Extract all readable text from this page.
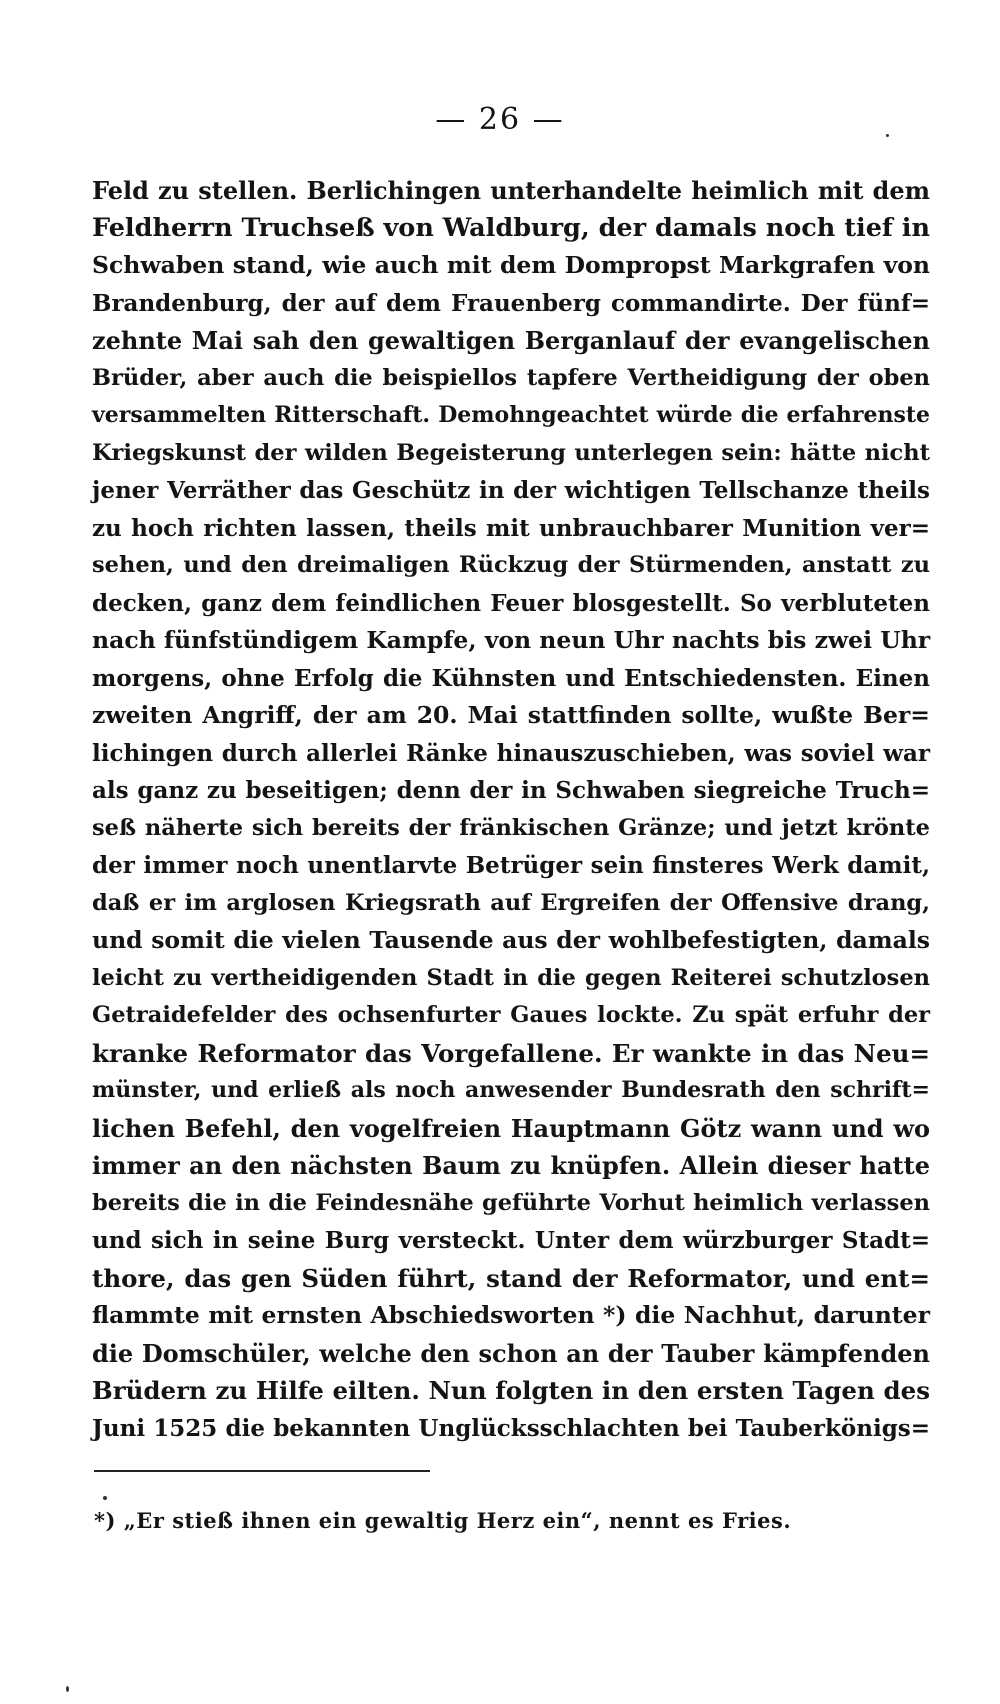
— 26 —
Feld zu stellen. Berlichingen unterhandelte heimlich mit dem
Feldherrn Truchseß von Waldburg, der damals noch tief in
Schwaben stand, wie auch mit dem Dompropst Markgrafen von
Brandenburg, der auf dem Frauenberg commandirte. Der fünf=
zehnte Mai sah den gewaltigen Berganlauf der evangelischen
Brüder, aber auch die beispiellos tapfere Vertheidigung der oben
versammelten Ritterschaft. Demohngeachtet würde die erfahrenste
Kriegskunst der wilden Begeisterung unterlegen sein: hätte nicht
jener Verräther das Geschütz in der wichtigen Tellschanze theils
zu hoch richten lassen, theils mit unbrauchbarer Munition ver=
sehen, und den dreimaligen Rückzug der Stürmenden, anstatt zu
decken, ganz dem feindlichen Feuer blosgestellt. So verbluteten
nach fünfstündigem Kampfe, von neun Uhr nachts bis zwei Uhr
morgens, ohne Erfolg die Kühnsten und Entschiedensten. Einen
zweiten Angriff, der am 20. Mai stattfinden sollte, wußte Ber=
lichingen durch allerlei Ränke hinauszuschieben, was soviel war
als ganz zu beseitigen; denn der in Schwaben siegreiche Truch=
seß näherte sich bereits der fränkischen Gränze; und jetzt krönte
der immer noch unentlarvte Betrüger sein finsteres Werk damit,
daß er im arglosen Kriegsrath auf Ergreifen der Offensive drang,
und somit die vielen Tausende aus der wohlbefestigten, damals
leicht zu vertheidigenden Stadt in die gegen Reiterei schutzlosen
Getraidefelder des ochsenfurter Gaues lockte. Zu spät erfuhr der
kranke Reformator das Vorgefallene. Er wankte in das Neu=
münster, und erließ als noch anwesender Bundesrath den schrift=
lichen Befehl, den vogelfreien Hauptmann Götz wann und wo
immer an den nächsten Baum zu knüpfen. Allein dieser hatte
bereits die in die Feindesnähe geführte Vorhut heimlich verlassen
und sich in seine Burg versteckt. Unter dem würzburger Stadt=
thore, das gen Süden führt, stand der Reformator, und ent=
flammte mit ernsten Abschiedsworten *) die Nachhut, darunter
die Domschüler, welche den schon an der Tauber kämpfenden
Brüdern zu Hilfe eilten. Nun folgten in den ersten Tagen des
Juni 1525 die bekannten Unglücksschlachten bei Tauberkönigs=
*) „Er stieß ihnen ein gewaltig Herz ein“, nennt es Fries.
